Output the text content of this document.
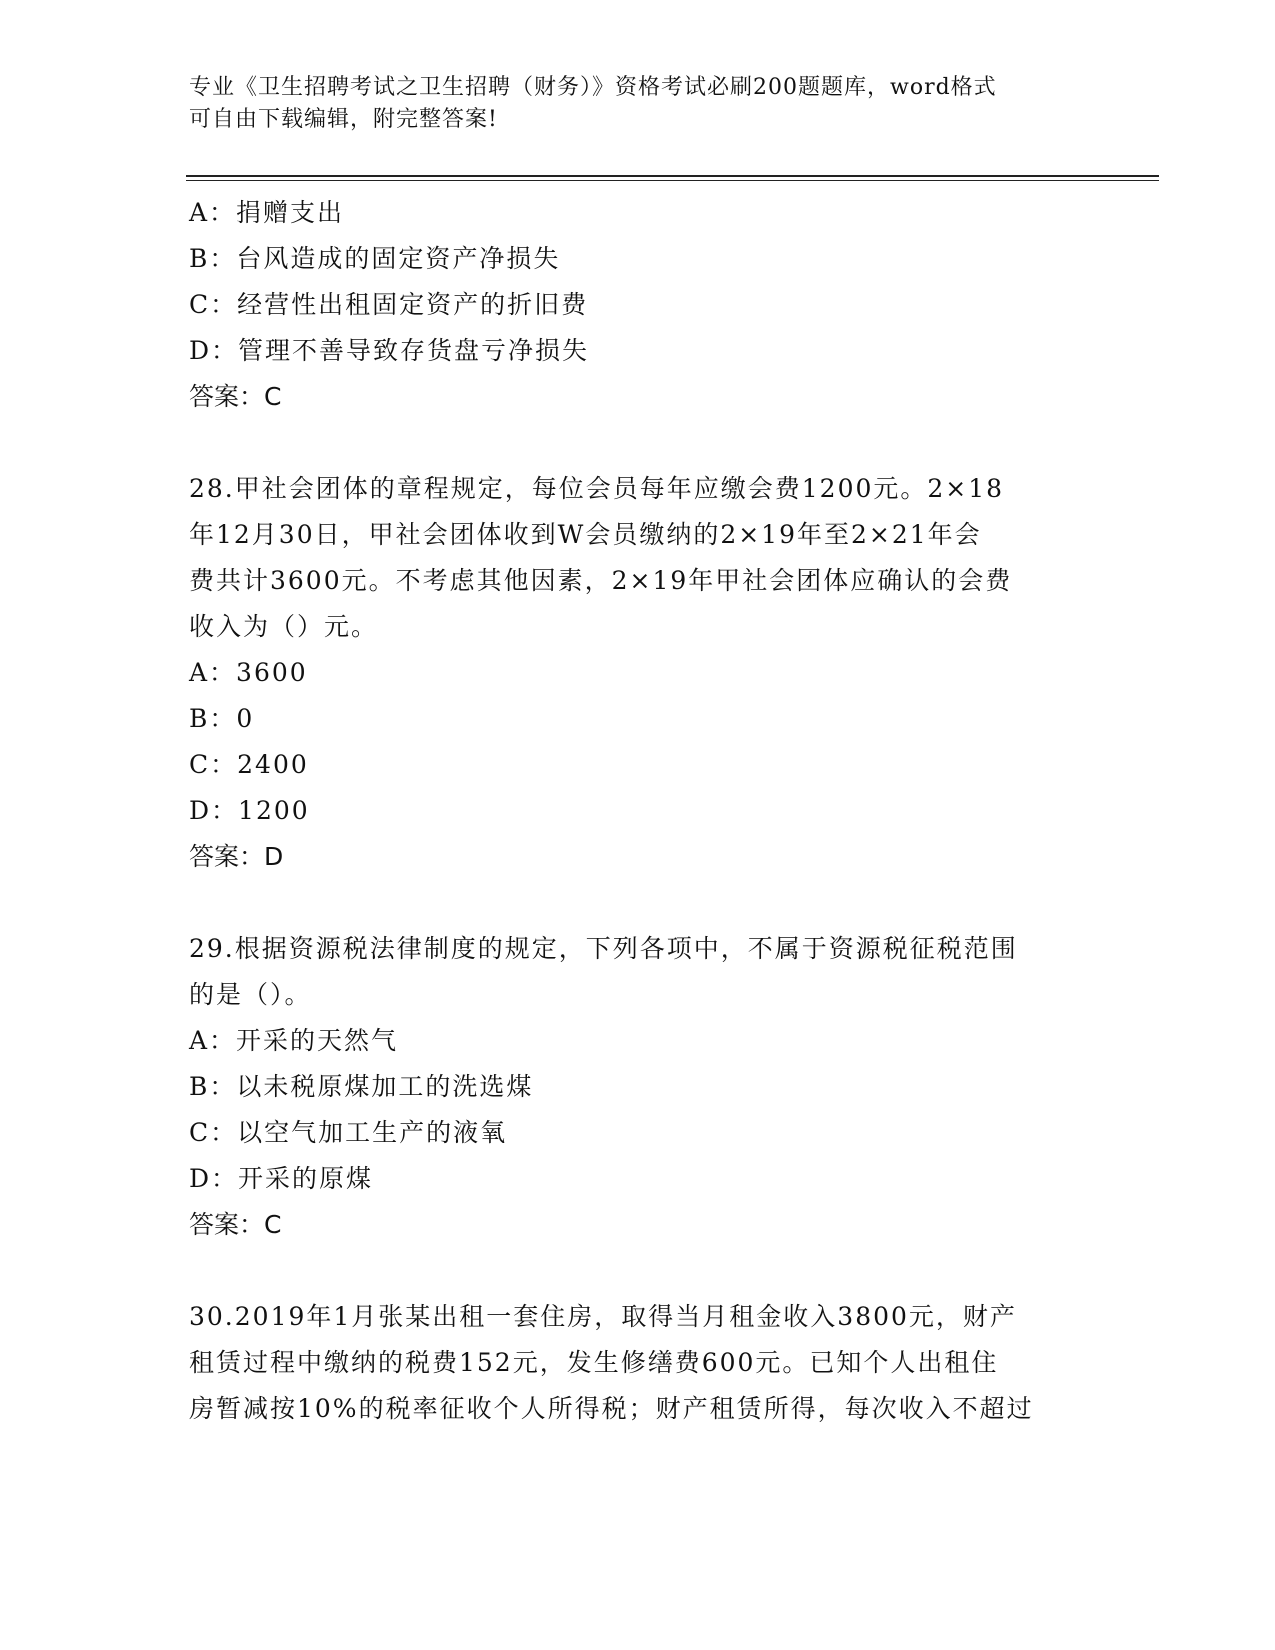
专业《卫生招聘考试之卫生招聘（财务）》资格考试必刷200题题库，word格式
可自由下载编辑，附完整答案!
A：捐赠支出
B：台风造成的固定资产净损失
C：经营性出租固定资产的折旧费
D：管理不善导致存货盘亏净损失
答案：C
28.甲社会团体的章程规定，每位会员每年应缴会费1200元。2×18
年12月30日，甲社会团体收到W会员缴纳的2×19年至2×21年会
费共计3600元。不考虑其他因素，2×19年甲社会团体应确认的会费
收入为（）元。
A：3600
B：0
C：2400
D：1200
答案：D
29.根据资源税法律制度的规定，下列各项中，不属于资源税征税范围
的是（）。
A：开采的天然气
B：以未税原煤加工的洗选煤
C：以空气加工生产的液氧
D：开采的原煤
答案：C
30.2019年1月张某出租一套住房，取得当月租金收入3800元，财产
租赁过程中缴纳的税费152元，发生修缮费600元。已知个人出租住
房暂减按10%的税率征收个人所得税；财产租赁所得，每次收入不超过
